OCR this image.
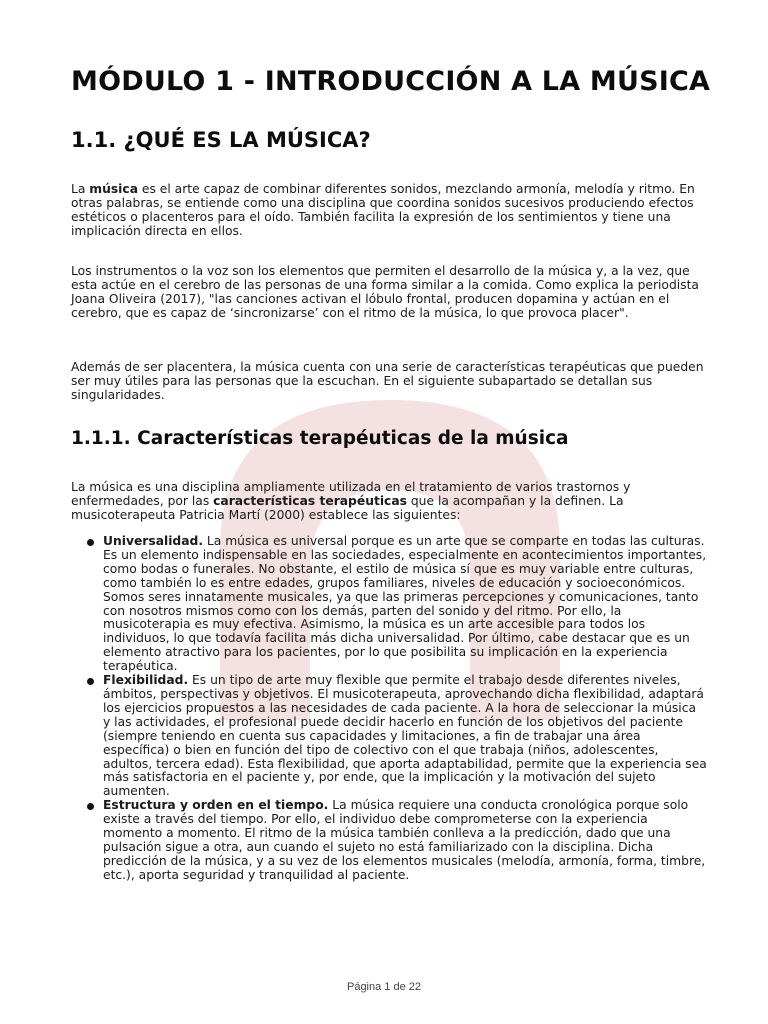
MÓDULO 1 - INTRODUCCIÓN A LA MÚSICA
1.1. ¿QUÉ ES LA MÚSICA?

La música es el arte capaz de combinar diferentes sonidos, mezclando armonía, melodía y ritmo. En otras palabras, se entiende como una disciplina que coordina sonidos sucesivos produciendo efectos estéticos o placenteros para el oído. También facilita la expresión de los sentimientos y tiene una implicación directa en ellos.

Los instrumentos o la voz son los elementos que permiten el desarrollo de la música y, a la vez, que esta actúe en el cerebro de las personas de una forma similar a la comida. Como explica la periodista Joana Oliveira (2017), "las canciones activan el lóbulo frontal, producen dopamina y actúan en el cerebro, que es capaz de ‘sincronizarse’ con el ritmo de la música, lo que provoca placer".

Además de ser placentera, la música cuenta con una serie de características terapéuticas que pueden ser muy útiles para las personas que la escuchan. En el siguiente subapartado se detallan sus singularidades.

1.1.1. Características terapéuticas de la música

La música es una disciplina ampliamente utilizada en el tratamiento de varios trastornos y enfermedades, por las características terapéuticas que la acompañan y la definen. La musicoterapeuta Patricia Martí (2000) establece las siguientes:

Universalidad. La música es universal porque es un arte que se comparte en todas las culturas. Es un elemento indispensable en las sociedades, especialmente en acontecimientos importantes, como bodas o funerales. No obstante, el estilo de música sí que es muy variable entre culturas, como también lo es entre edades, grupos familiares, niveles de educación y socioeconómicos. Somos seres innatamente musicales, ya que las primeras percepciones y comunicaciones, tanto con nosotros mismos como con los demás, parten del sonido y del ritmo. Por ello, la musicoterapia es muy efectiva. Asimismo, la música es un arte accesible para todos los individuos, lo que todavía facilita más dicha universalidad. Por último, cabe destacar que es un elemento atractivo para los pacientes, por lo que posibilita su implicación en la experiencia terapéutica.
Flexibilidad. Es un tipo de arte muy flexible que permite el trabajo desde diferentes niveles, ámbitos, perspectivas y objetivos. El musicoterapeuta, aprovechando dicha flexibilidad, adaptará los ejercicios propuestos a las necesidades de cada paciente. A la hora de seleccionar la música y las actividades, el profesional puede decidir hacerlo en función de los objetivos del paciente (siempre teniendo en cuenta sus capacidades y limitaciones, a fin de trabajar una área específica) o bien en función del tipo de colectivo con el que trabaja (niños, adolescentes, adultos, tercera edad). Esta flexibilidad, que aporta adaptabilidad, permite que la experiencia sea más satisfactoria en el paciente y, por ende, que la implicación y la motivación del sujeto aumenten.
Estructura y orden en el tiempo. La música requiere una conducta cronológica porque solo existe a través del tiempo. Por ello, el individuo debe comprometerse con la experiencia momento a momento. El ritmo de la música también conlleva a la predicción, dado que una pulsación sigue a otra, aun cuando el sujeto no está familiarizado con la disciplina. Dicha predicción de la música, y a su vez de los elementos musicales (melodía, armonía, forma, timbre, etc.), aporta seguridad y tranquilidad al paciente.
Página 1 de 22
